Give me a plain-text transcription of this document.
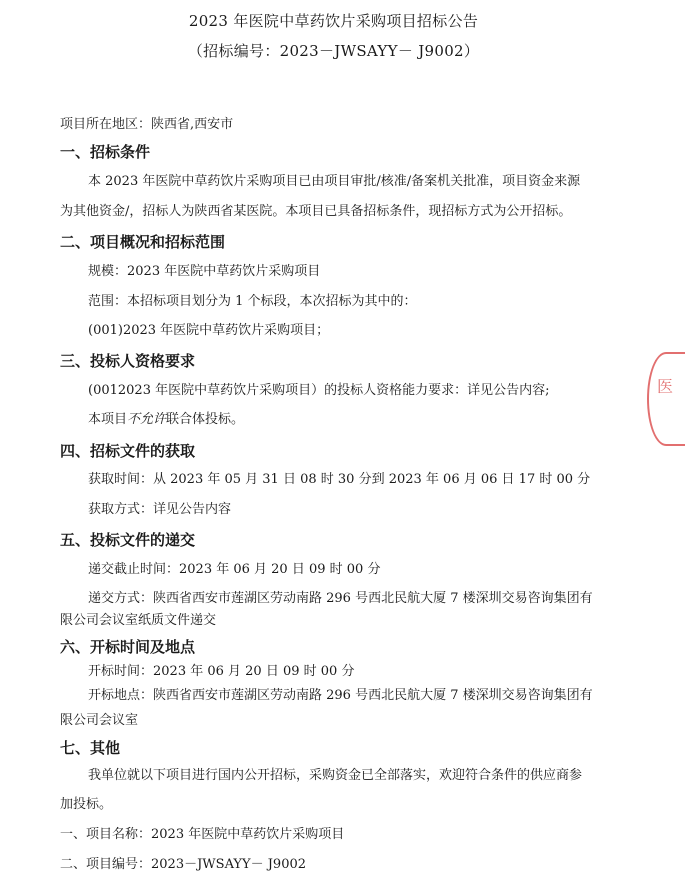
2023 年医院中草药饮片采购项目招标公告
（招标编号：2023－JWSAYY－ J9002）
项目所在地区：陕西省,西安市
一、招标条件
本 2023 年医院中草药饮片采购项目已由项目审批/核准/备案机关批准，项目资金来源
为其他资金/，招标人为陕西省某医院。本项目已具备招标条件，现招标方式为公开招标。
二、项目概况和招标范围
规模：2023 年医院中草药饮片采购项目
范围：本招标项目划分为 1 个标段，本次招标为其中的：
(001)2023 年医院中草药饮片采购项目；
三、投标人资格要求
(0012023 年医院中草药饮片采购项目）的投标人资格能力要求：详见公告内容;
本项目不允许联合体投标。
四、招标文件的获取
获取时间：从 2023 年 05 月 31 日 08 时 30 分到 2023 年 06 月 06 日 17 时 00 分
获取方式：详见公告内容
五、投标文件的递交
递交截止时间：2023 年 06 月 20 日 09 时 00 分
递交方式：陕西省西安市莲湖区劳动南路 296 号西北民航大厦 7 楼深圳交易咨询集团有
限公司会议室纸质文件递交
六、开标时间及地点
开标时间：2023 年 06 月 20 日 09 时 00 分
开标地点：陕西省西安市莲湖区劳动南路 296 号西北民航大厦 7 楼深圳交易咨询集团有
限公司会议室
七、其他
我单位就以下项目进行国内公开招标，采购资金已全部落实，欢迎符合条件的供应商参
加投标。
一、项目名称：2023 年医院中草药饮片采购项目
二、项目编号：2023－JWSAYY－ J9002
医
